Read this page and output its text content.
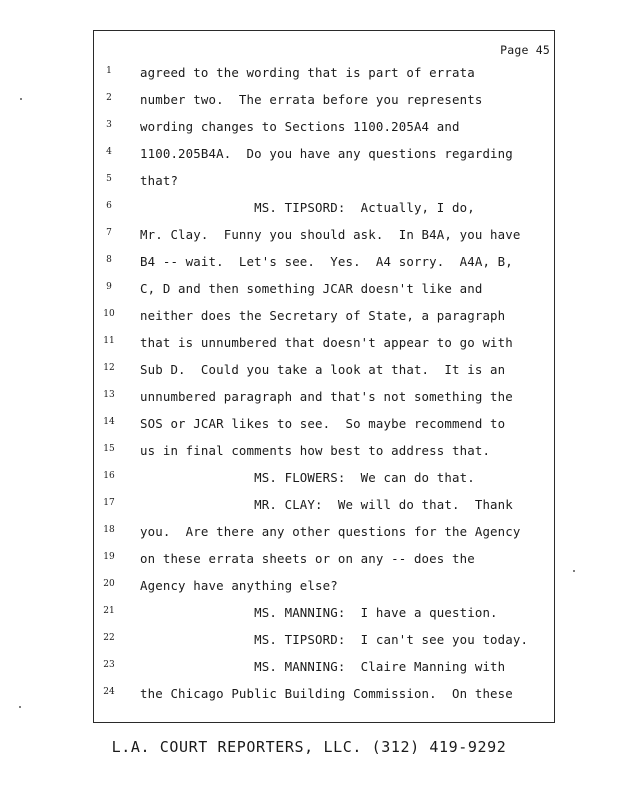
Page 45
1	agreed to the wording that is part of errata
2	number two.  The errata before you represents
3	wording changes to Sections 1100.205A4 and
4	1100.205B4A.  Do you have any questions regarding
5	that?
6	MS. TIPSORD:  Actually, I do,
7	Mr. Clay.  Funny you should ask.  In B4A, you have
8	B4 -- wait.  Let's see.  Yes.  A4 sorry.  A4A, B,
9	C, D and then something JCAR doesn't like and
10	neither does the Secretary of State, a paragraph
11	that is unnumbered that doesn't appear to go with
12	Sub D.  Could you take a look at that.  It is an
13	unnumbered paragraph and that's not something the
14	SOS or JCAR likes to see.  So maybe recommend to
15	us in final comments how best to address that.
16	MS. FLOWERS:  We can do that.
17	MR. CLAY:  We will do that.  Thank
18	you.  Are there any other questions for the Agency
19	on these errata sheets or on any -- does the
20	Agency have anything else?
21	MS. MANNING:  I have a question.
22	MS. TIPSORD:  I can't see you today.
23	MS. MANNING:  Claire Manning with
24	the Chicago Public Building Commission.  On these
L.A. COURT REPORTERS, LLC. (312) 419-9292
